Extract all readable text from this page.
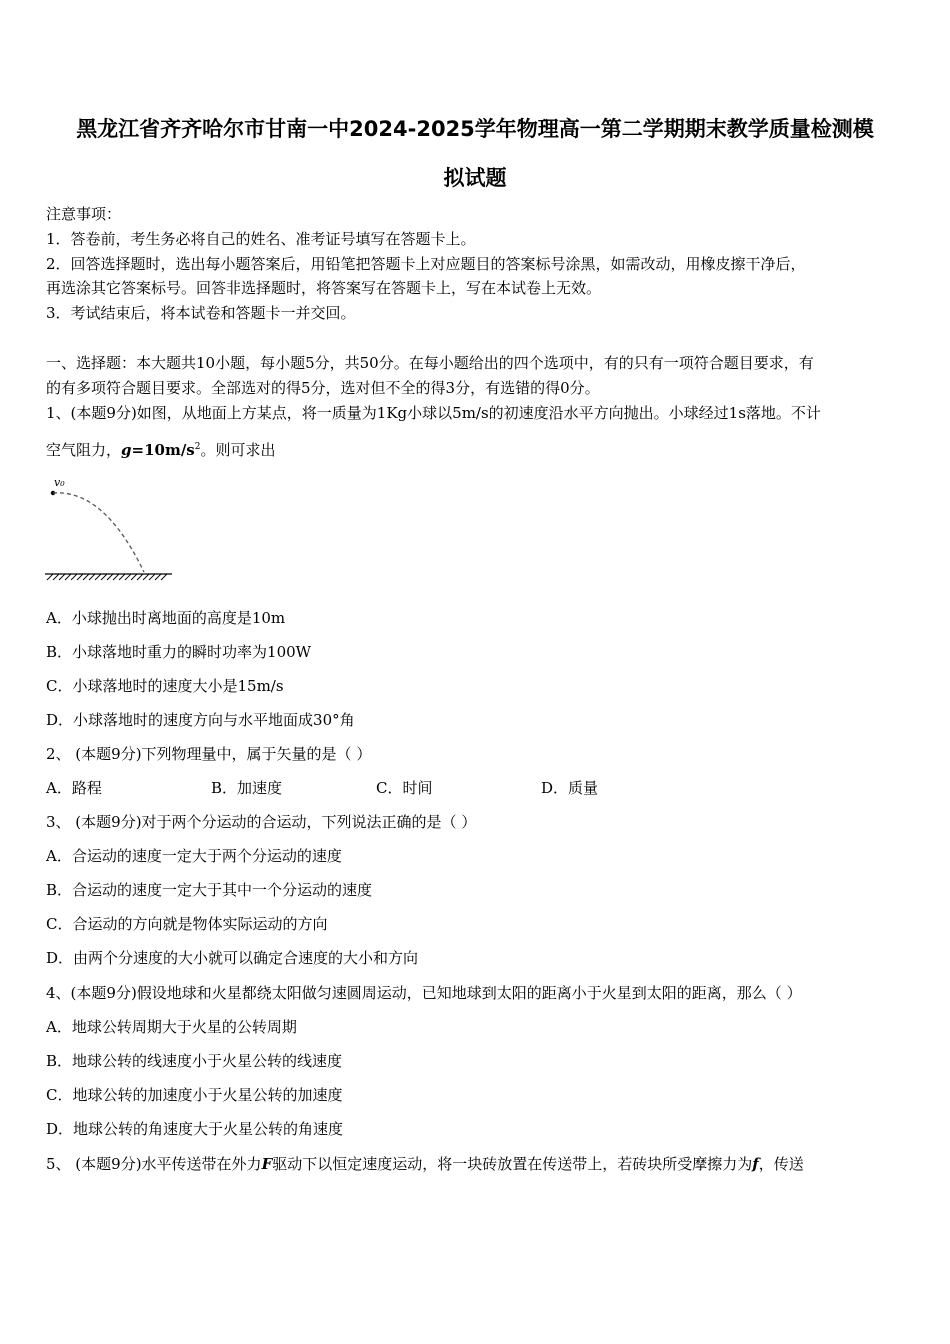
黑龙江省齐齐哈尔市甘南一中2024-2025学年物理高一第二学期期末教学质量检测模
拟试题
注意事项：
1．答卷前，考生务必将自己的姓名、准考证号填写在答题卡上。
2．回答选择题时，选出每小题答案后，用铅笔把答题卡上对应题目的答案标号涂黑，如需改动，用橡皮擦干净后，
再选涂其它答案标号。回答非选择题时，将答案写在答题卡上，写在本试卷上无效。
3．考试结束后，将本试卷和答题卡一并交回。
一、选择题：本大题共10小题，每小题5分，共50分。在每小题给出的四个选项中，有的只有一项符合题目要求，有
的有多项符合题目要求。全部选对的得5分，选对但不全的得3分，有选错的得0分。
1、(本题9分)如图，从地面上方某点，将一质量为1Kg小球以5m/s的初速度沿水平方向抛出。小球经过1s落地。不计
空气阻力，$g=10m/s^2$。则可求出
v₀
A．小球抛出时离地面的高度是10m
B．小球落地时重力的瞬时功率为100W
C．小球落地时的速度大小是15m/s
D．小球落地时的速度方向与水平地面成30°角
2、 (本题9分)下列物理量中，属于矢量的是（ ）
A．路程	B．加速度	C．时间	D．质量
3、 (本题9分)对于两个分运动的合运动，下列说法正确的是（ ）
A．合运动的速度一定大于两个分运动的速度
B．合运动的速度一定大于其中一个分运动的速度
C．合运动的方向就是物体实际运动的方向
D．由两个分速度的大小就可以确定合速度的大小和方向
4、(本题9分)假设地球和火星都绕太阳做匀速圆周运动，已知地球到太阳的距离小于火星到太阳的距离，那么（ ）
A．地球公转周期大于火星的公转周期
B．地球公转的线速度小于火星公转的线速度
C．地球公转的加速度小于火星公转的加速度
D．地球公转的角速度大于火星公转的角速度
5、 (本题9分)水平传送带在外力F驱动下以恒定速度运动，将一块砖放置在传送带上，若砖块所受摩擦力为f，传送
